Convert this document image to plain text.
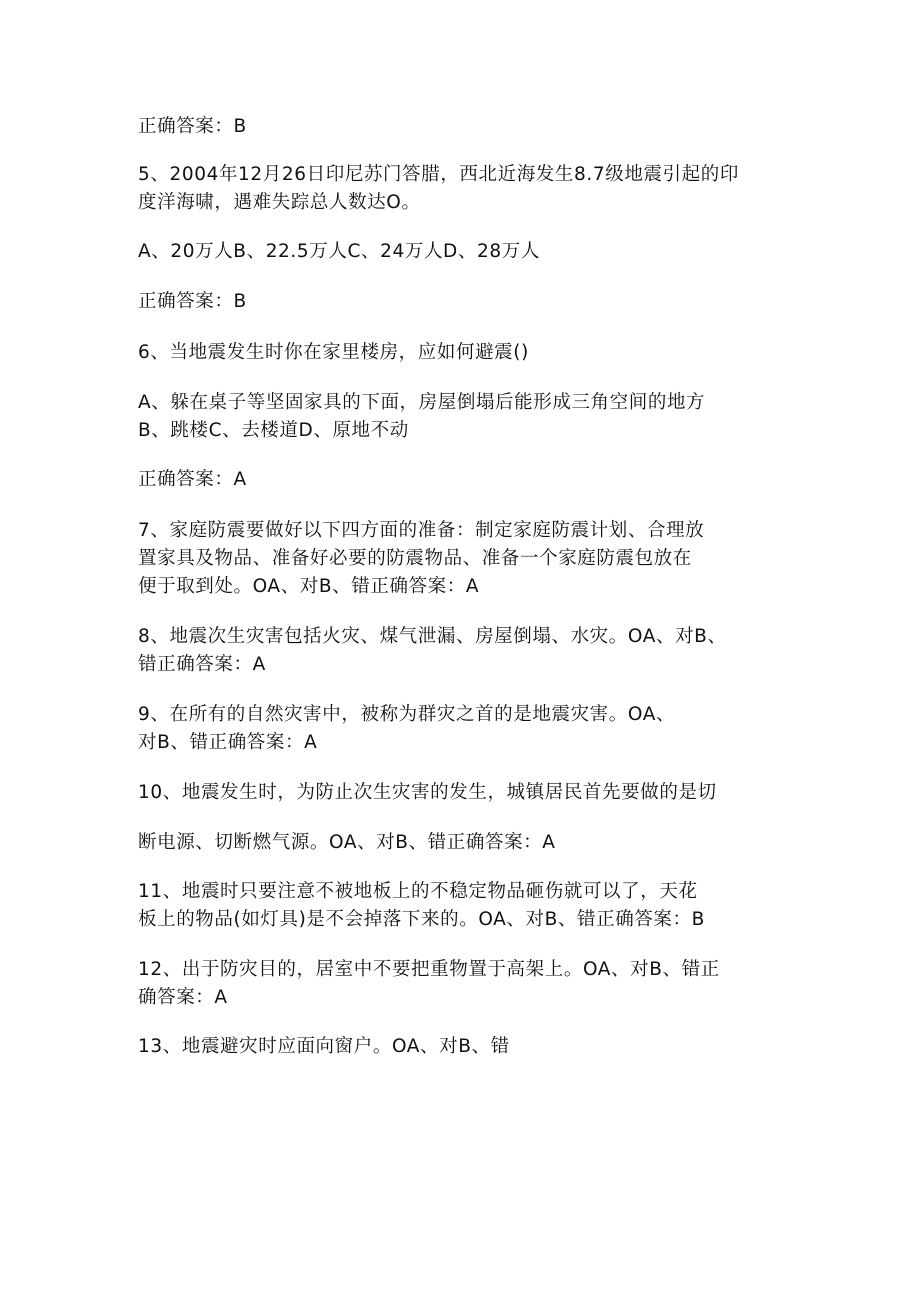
正确答案：B
5、2004年12月26日印尼苏门答腊，西北近海发生8.7级地震引起的印
度洋海啸，遇难失踪总人数达O。
A、20万人B、22.5万人C、24万人D、28万人
正确答案：B
6、当地震发生时你在家里楼房，应如何避震()
A、躲在桌子等坚固家具的下面，房屋倒塌后能形成三角空间的地方
B、跳楼C、去楼道D、原地不动
正确答案：A
7、家庭防震要做好以下四方面的准备：制定家庭防震计划、合理放
置家具及物品、准备好必要的防震物品、准备一个家庭防震包放在
便于取到处。OA、对B、错正确答案：A
8、地震次生灾害包括火灾、煤气泄漏、房屋倒塌、水灾。OA、对B、
错正确答案：A
9、在所有的自然灾害中，被称为群灾之首的是地震灾害。OA、
对B、错正确答案：A
10、地震发生时，为防止次生灾害的发生，城镇居民首先要做的是切
断电源、切断燃气源。OA、对B、错正确答案：A
11、地震时只要注意不被地板上的不稳定物品砸伤就可以了，天花
板上的物品(如灯具)是不会掉落下来的。OA、对B、错正确答案：B
12、出于防灾目的，居室中不要把重物置于高架上。OA、对B、错正
确答案：A
13、地震避灾时应面向窗户。OA、对B、错
